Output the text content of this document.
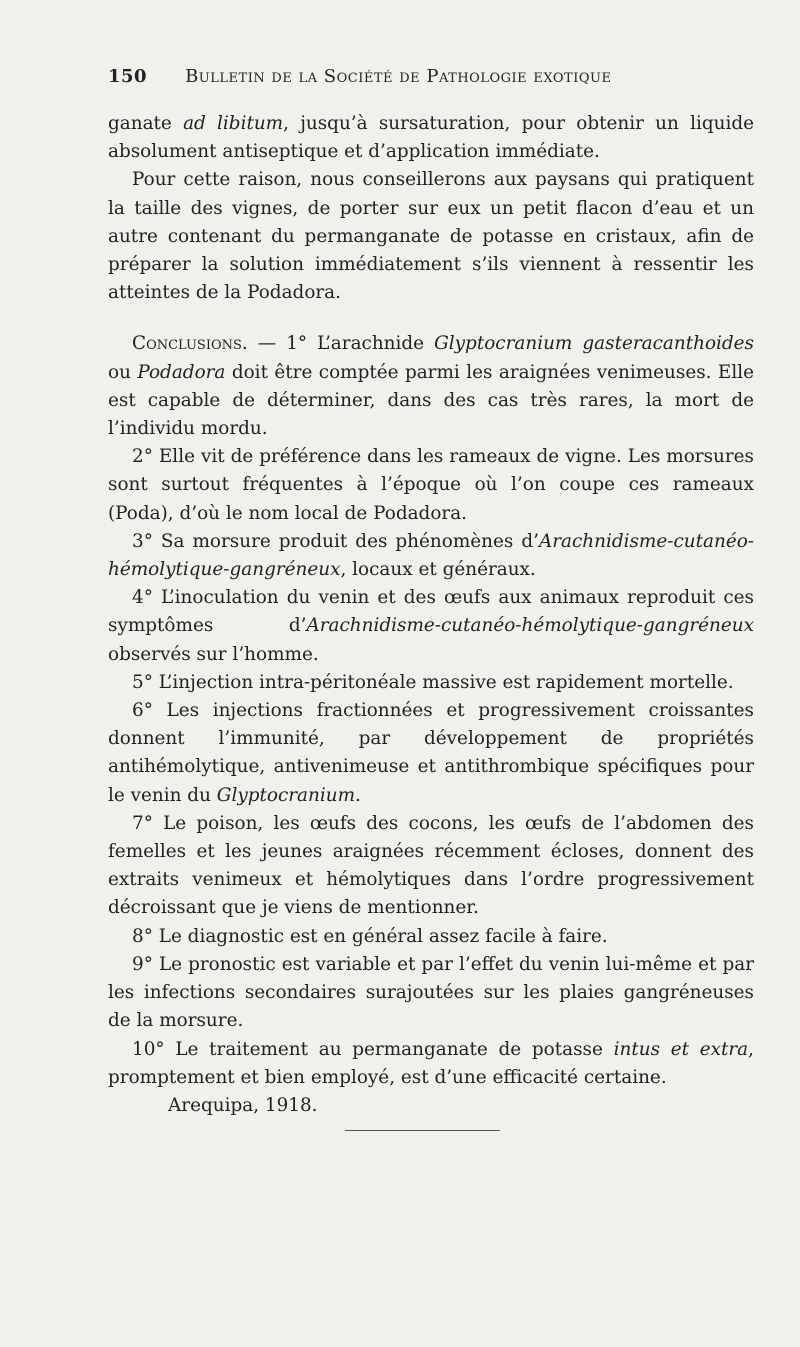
150 Bulletin de la Société de Pathologie exotique

ganate ad libitum, jusqu’à sursaturation, pour obtenir un liquide absolument antiseptique et d’application immédiate.

Pour cette raison, nous conseillerons aux paysans qui pratiquent la taille des vignes, de porter sur eux un petit flacon d’eau et un autre contenant du permanganate de potasse en cristaux, afin de préparer la solution immédiatement s’ils viennent à ressentir les atteintes de la Podadora.

Conclusions. — 1° L’arachnide Glyptocranium gasteracanthoides ou Podadora doit être comptée parmi les araignées venimeuses. Elle est capable de déterminer, dans des cas très rares, la mort de l’individu mordu.

2° Elle vit de préférence dans les rameaux de vigne. Les morsures sont surtout fréquentes à l’époque où l’on coupe ces rameaux (Poda), d’où le nom local de Podadora.

3° Sa morsure produit des phénomènes d’Arachnidisme-cutanéo-hémolytique-gangréneux, locaux et généraux.

4° L’inoculation du venin et des œufs aux animaux reproduit ces symptômes d’Arachnidisme-cutanéo-hémolytique-gangréneux observés sur l’homme.

5° L’injection intra-péritonéale massive est rapidement mortelle.

6° Les injections fractionnées et progressivement croissantes donnent l’immunité, par développement de propriétés antihémolytique, antivenimeuse et antithrombique spécifiques pour le venin du Glyptocranium.

7° Le poison, les œufs des cocons, les œufs de l’abdomen des femelles et les jeunes araignées récemment écloses, donnent des extraits venimeux et hémolytiques dans l’ordre progressivement décroissant que je viens de mentionner.

8° Le diagnostic est en général assez facile à faire.

9° Le pronostic est variable et par l’effet du venin lui-même et par les infections secondaires surajoutées sur les plaies gangréneuses de la morsure.

10° Le traitement au permanganate de potasse intus et extra, promptement et bien employé, est d’une efficacité certaine.

Arequipa, 1918.
